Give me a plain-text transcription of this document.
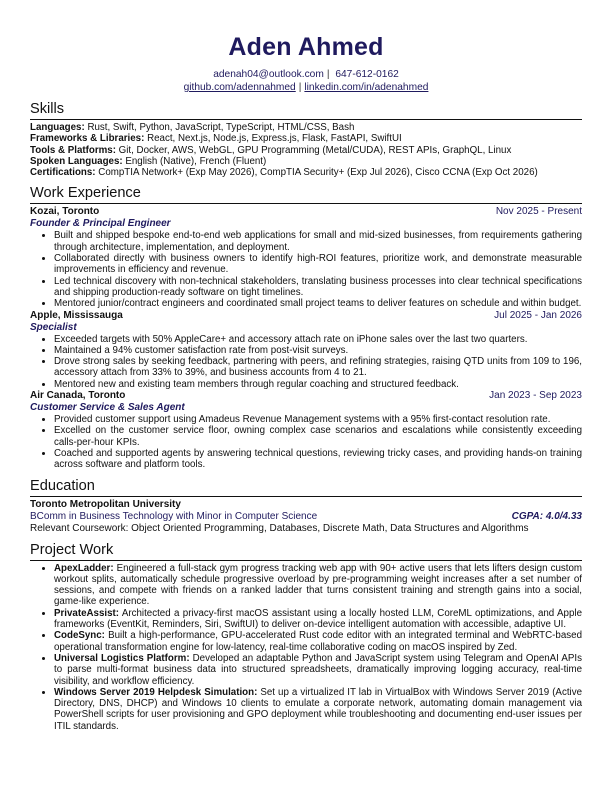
Aden Ahmed
adenah04@outlook.com | 647-612-0162
github.com/adennahmed | linkedin.com/in/adenahmed
Skills
Languages: Rust, Swift, Python, JavaScript, TypeScript, HTML/CSS, Bash
Frameworks & Libraries: React, Next.js, Node.js, Express.js, Flask, FastAPI, SwiftUI
Tools & Platforms: Git, Docker, AWS, WebGL, GPU Programming (Metal/CUDA), REST APIs, GraphQL, Linux
Spoken Languages: English (Native), French (Fluent)
Certifications: CompTIA Network+ (Exp May 2026), CompTIA Security+ (Exp Jul 2026), Cisco CCNA (Exp Oct 2026)
Work Experience
Kozai, Toronto	Nov 2025 - Present
Founder & Principal Engineer
• Built and shipped bespoke end-to-end web applications for small and mid-sized businesses, from requirements gathering through architecture, implementation, and deployment.
• Collaborated directly with business owners to identify high-ROI features, prioritize work, and demonstrate measurable improvements in efficiency and revenue.
• Led technical discovery with non-technical stakeholders, translating business processes into clear technical specifications and shipping production-ready software on tight timelines.
• Mentored junior/contract engineers and coordinated small project teams to deliver features on schedule and within budget.
Apple, Mississauga	Jul 2025 - Jan 2026
Specialist
• Exceeded targets with 50% AppleCare+ and accessory attach rate on iPhone sales over the last two quarters.
• Maintained a 94% customer satisfaction rate from post-visit surveys.
• Drove strong sales by seeking feedback, partnering with peers, and refining strategies, raising QTD units from 109 to 196, accessory attach from 33% to 39%, and business accounts from 4 to 21.
• Mentored new and existing team members through regular coaching and structured feedback.
Air Canada, Toronto	Jan 2023 - Sep 2023
Customer Service & Sales Agent
• Provided customer support using Amadeus Revenue Management systems with a 95% first-contact resolution rate.
• Excelled on the customer service floor, owning complex case scenarios and escalations while consistently exceeding calls-per-hour KPIs.
• Coached and supported agents by answering technical questions, reviewing tricky cases, and providing hands-on training across software and platform tools.
Education
Toronto Metropolitan University
BComm in Business Technology with Minor in Computer Science	CGPA: 4.0/4.33
Relevant Coursework: Object Oriented Programming, Databases, Discrete Math, Data Structures and Algorithms
Project Work
• ApexLadder: Engineered a full-stack gym progress tracking web app with 90+ active users that lets lifters design custom workout splits, automatically schedule progressive overload by pre-programming weight increases after a set number of sessions, and compete with friends on a ranked ladder that turns consistent training and strength gains into a social, game-like experience.
• PrivateAssist: Architected a privacy-first macOS assistant using a locally hosted LLM, CoreML optimizations, and Apple frameworks (EventKit, Reminders, Siri, SwiftUI) to deliver on-device intelligent automation with accessible, adaptive UI.
• CodeSync: Built a high-performance, GPU-accelerated Rust code editor with an integrated terminal and WebRTC-based operational transformation engine for low-latency, real-time collaborative coding on macOS inspired by Zed.
• Universal Logistics Platform: Developed an adaptable Python and JavaScript system using Telegram and OpenAI APIs to parse multi-format business data into structured spreadsheets, dramatically improving logging accuracy, real-time visibility, and workflow efficiency.
• Windows Server 2019 Helpdesk Simulation: Set up a virtualized IT lab in VirtualBox with Windows Server 2019 (Active Directory, DNS, DHCP) and Windows 10 clients to emulate a corporate network, automating domain management via PowerShell scripts for user provisioning and GPO deployment while troubleshooting and documenting end-user issues per ITIL standards.
